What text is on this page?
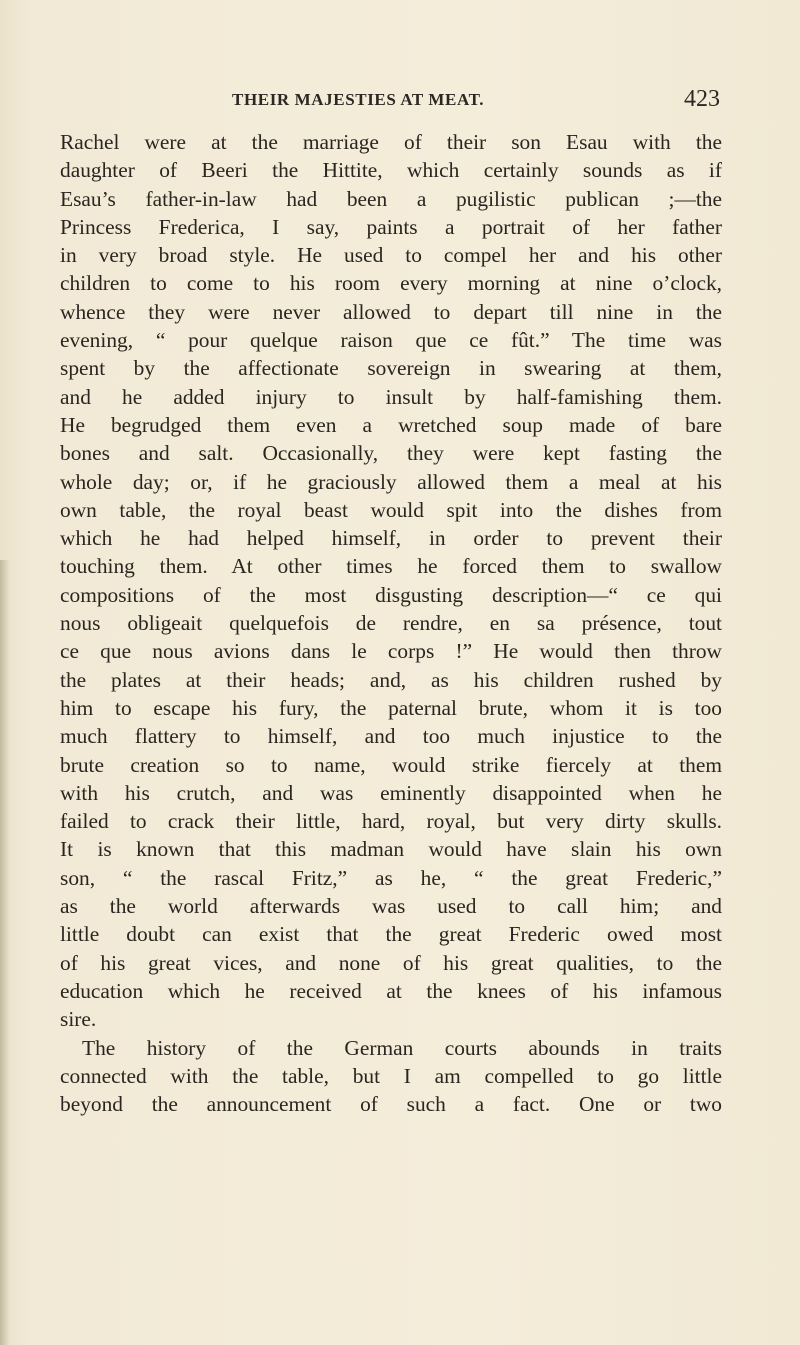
THEIR MAJESTIES AT MEAT.	423
Rachel were at the marriage of their son Esau with the
daughter of Beeri the Hittite, which certainly sounds as if
Esau’s father-in-law had been a pugilistic publican ;—the
Princess Frederica, I say, paints a portrait of her father
in very broad style. He used to compel her and his other
children to come to his room every morning at nine o’clock,
whence they were never allowed to depart till nine in the
evening, “ pour quelque raison que ce fût.” The time was
spent by the affectionate sovereign in swearing at them,
and he added injury to insult by half-famishing them.
He begrudged them even a wretched soup made of bare
bones and salt. Occasionally, they were kept fasting the
whole day; or, if he graciously allowed them a meal at his
own table, the royal beast would spit into the dishes from
which he had helped himself, in order to prevent their
touching them. At other times he forced them to swallow
compositions of the most disgusting description—“ ce qui
nous obligeait quelquefois de rendre, en sa présence, tout
ce que nous avions dans le corps !” He would then throw
the plates at their heads; and, as his children rushed by
him to escape his fury, the paternal brute, whom it is too
much flattery to himself, and too much injustice to the
brute creation so to name, would strike fiercely at them
with his crutch, and was eminently disappointed when he
failed to crack their little, hard, royal, but very dirty skulls.
It is known that this madman would have slain his own
son, “ the rascal Fritz,” as he, “ the great Frederic,”
as the world afterwards was used to call him; and
little doubt can exist that the great Frederic owed most
of his great vices, and none of his great qualities, to the
education which he received at the knees of his infamous
sire.
The history of the German courts abounds in traits
connected with the table, but I am compelled to go little
beyond the announcement of such a fact. One or two
